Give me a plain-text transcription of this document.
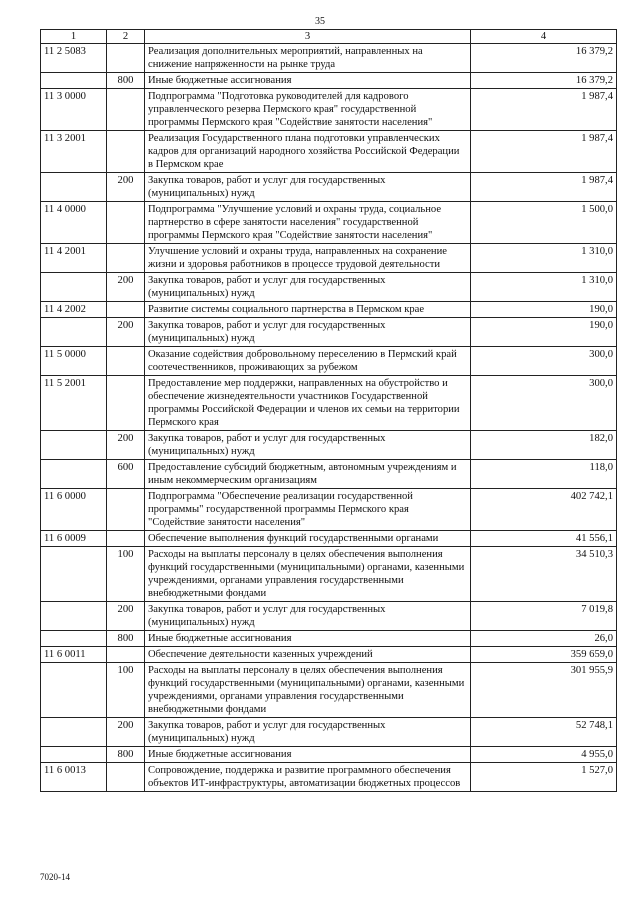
35
1	2	3	4
11 2 5083		Реализация дополнительных мероприятий, направленных на снижение напряженности на рынке труда	16 379,2
	800	Иные бюджетные ассигнования	16 379,2
11 3 0000		Подпрограмма "Подготовка руководителей для кадрового управленческого резерва Пермского края" государственной программы Пермского края "Содействие занятости населения"	1 987,4
11 3 2001		Реализация Государственного плана подготовки управленческих кадров для организаций народного хозяйства Российской Федерации в Пермском крае	1 987,4
	200	Закупка товаров, работ и услуг для государственных (муниципальных) нужд	1 987,4
11 4 0000		Подпрограмма "Улучшение условий и охраны труда, социальное партнерство в сфере занятости населения" государственной программы Пермского края "Содействие занятости населения"	1 500,0
11 4 2001		Улучшение условий и охраны труда, направленных на сохранение жизни и здоровья работников в процессе трудовой деятельности	1 310,0
	200	Закупка товаров, работ и услуг для государственных (муниципальных) нужд	1 310,0
11 4 2002		Развитие системы социального партнерства в Пермском крае	190,0
	200	Закупка товаров, работ и услуг для государственных (муниципальных) нужд	190,0
11 5 0000		Оказание содействия добровольному переселению в Пермский край соотечественников, проживающих за рубежом	300,0
11 5 2001		Предоставление мер поддержки, направленных на обустройство и обеспечение жизнедеятельности участников Государственной программы Российской Федерации и членов их семьи на территории Пермского края	300,0
	200	Закупка товаров, работ и услуг для государственных (муниципальных) нужд	182,0
	600	Предоставление субсидий бюджетным, автономным учреждениям и иным некоммерческим организациям	118,0
11 6 0000		Подпрограмма "Обеспечение реализации государственной программы" государственной программы Пермского края "Содействие занятости населения"	402 742,1
11 6 0009		Обеспечение выполнения функций государственными органами	41 556,1
	100	Расходы на выплаты персоналу в целях обеспечения выполнения функций государственными (муниципальными) органами, казенными учреждениями, органами управления государственными внебюджетными фондами	34 510,3
	200	Закупка товаров, работ и услуг для государственных (муниципальных) нужд	7 019,8
	800	Иные бюджетные ассигнования	26,0
11 6 0011		Обеспечение деятельности казенных учреждений	359 659,0
	100	Расходы на выплаты персоналу в целях обеспечения выполнения функций государственными (муниципальными) органами, казенными учреждениями, органами управления государственными внебюджетными фондами	301 955,9
	200	Закупка товаров, работ и услуг для государственных (муниципальных) нужд	52 748,1
	800	Иные бюджетные ассигнования	4 955,0
11 6 0013		Сопровождение, поддержка и развитие программного обеспечения объектов ИТ-инфраструктуры, автоматизации бюджетных процессов	1 527,0
7020-14
